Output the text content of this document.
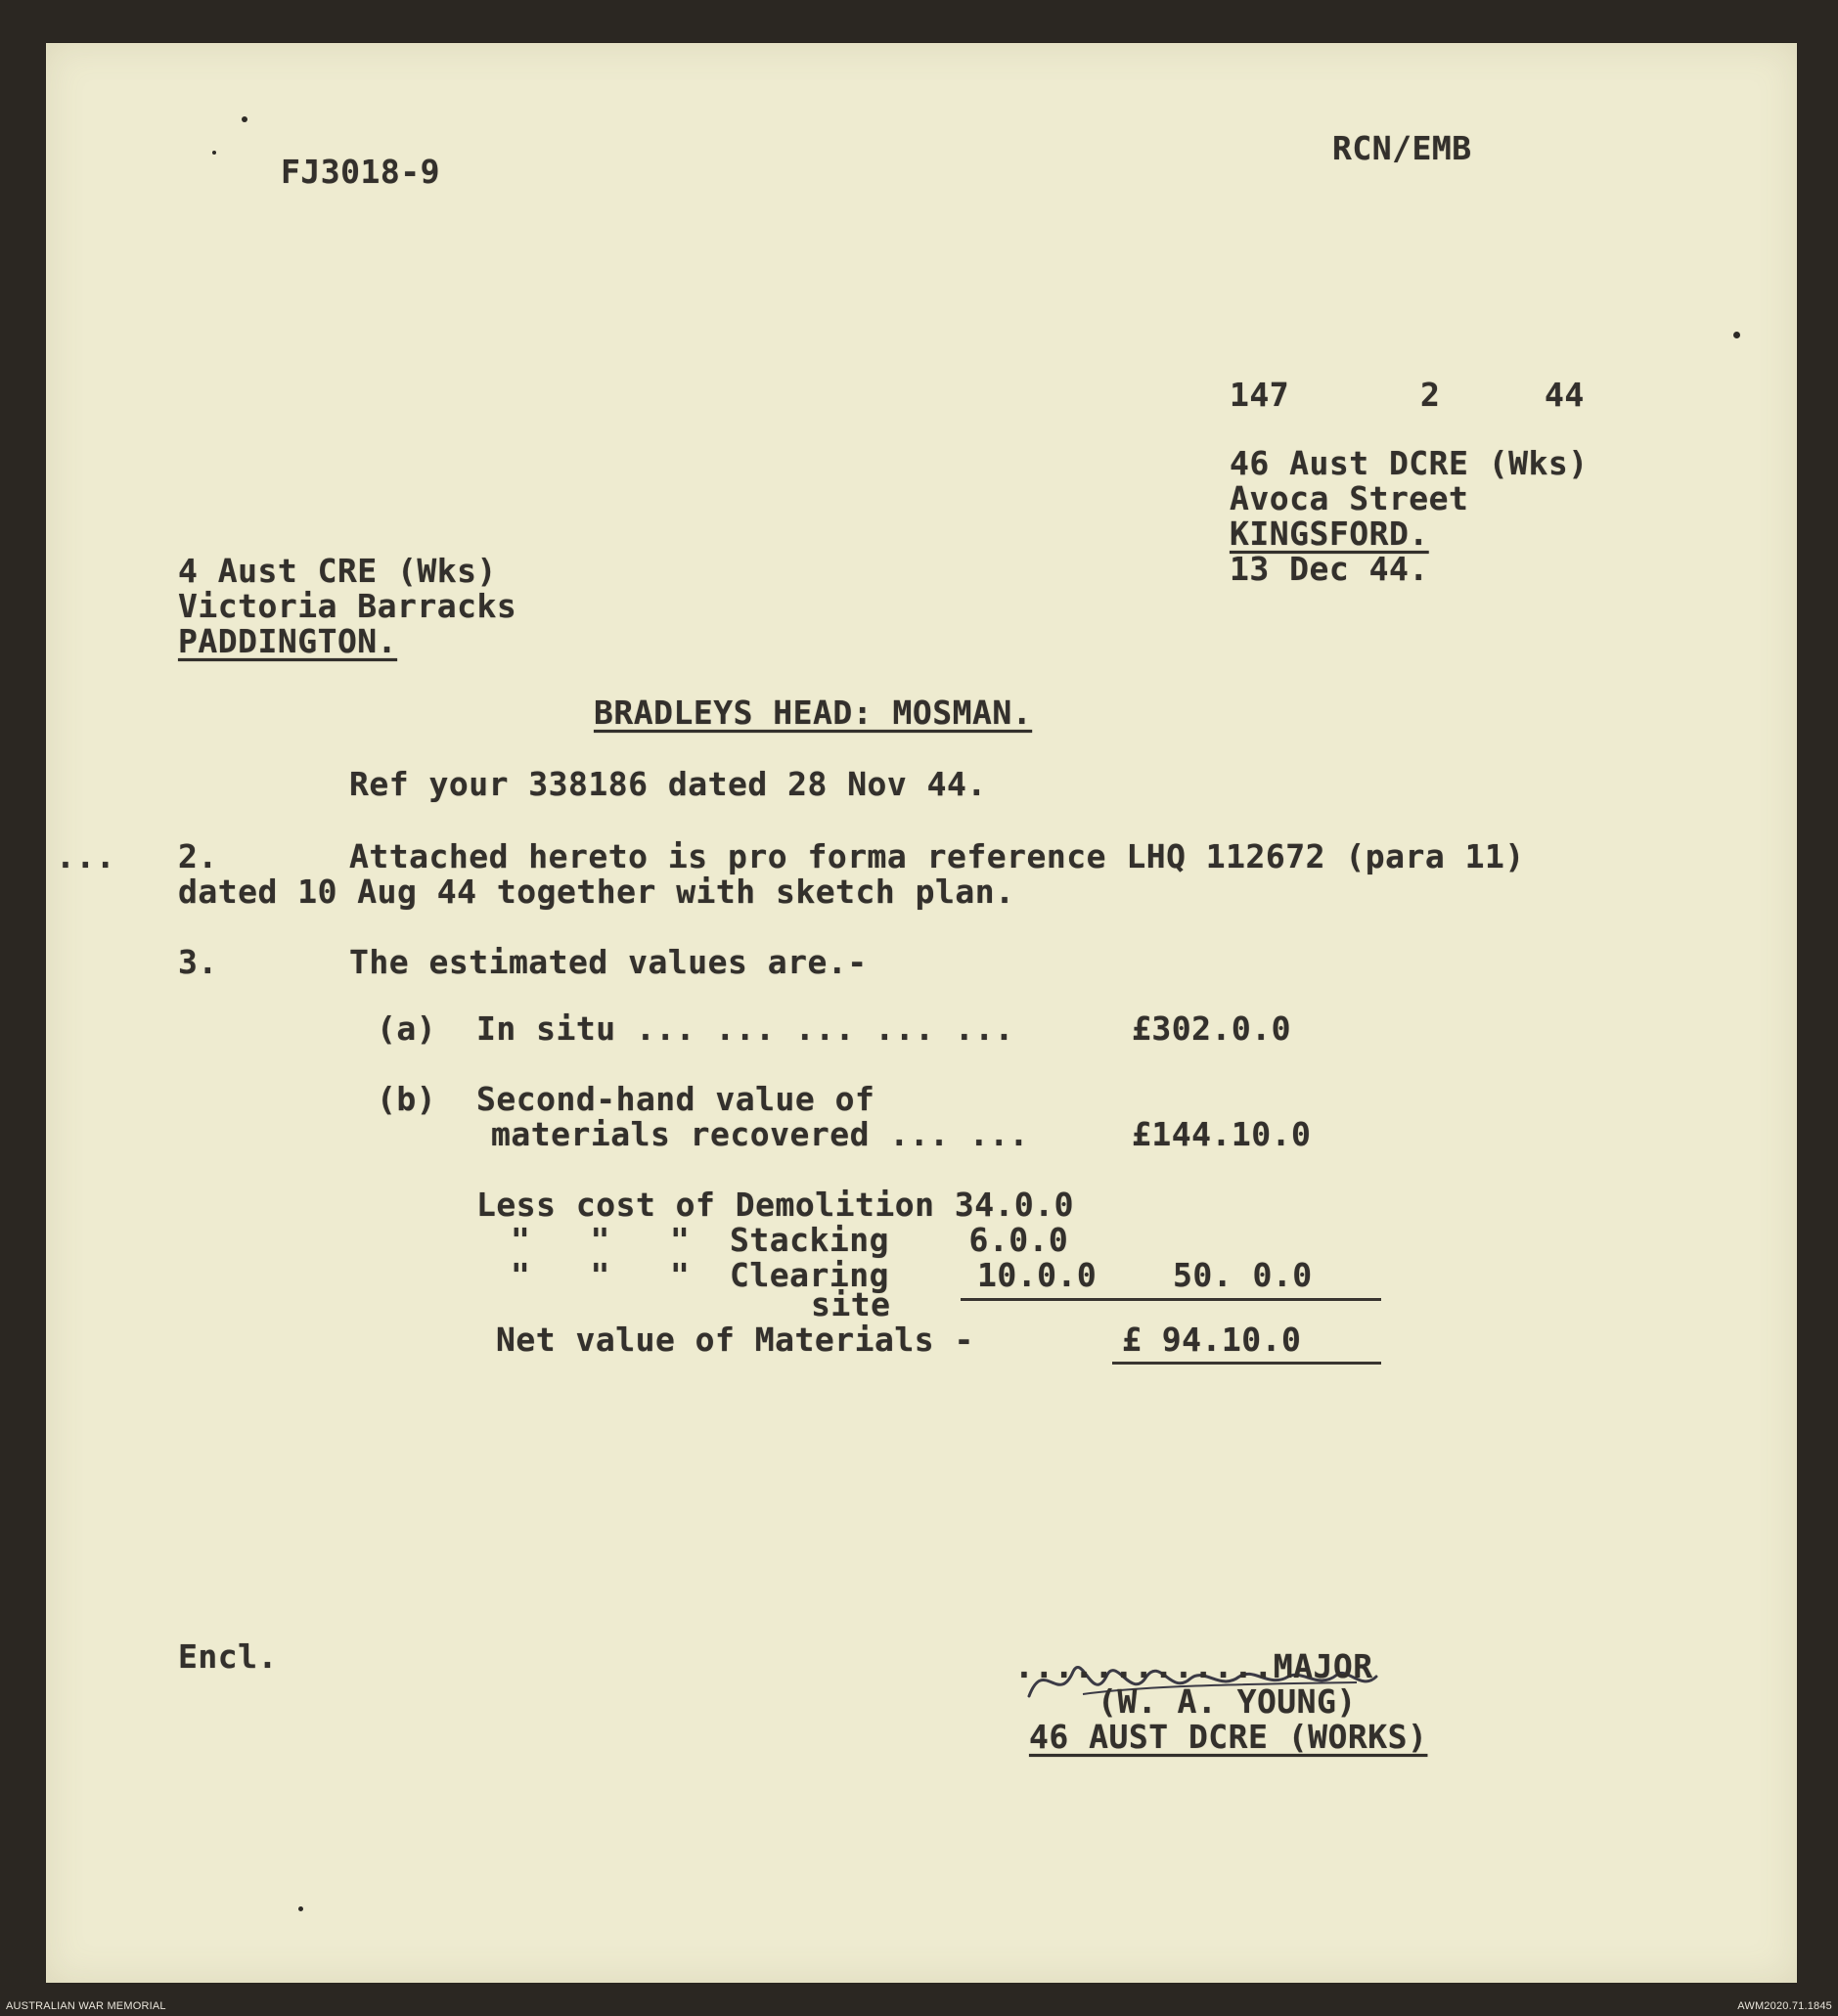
FJ3018-9
RCN/EMB
147	2	44
46 Aust DCRE (Wks)
Avoca Street
KINGSFORD.
13 Dec 44.
4 Aust CRE (Wks)
Victoria Barracks
PADDINGTON.
BRADLEYS HEAD: MOSMAN.
Ref your 338186 dated 28 Nov 44.
... 2.	Attached hereto is pro forma reference LHQ 112672 (para 11)
dated 10 Aug 44 together with sketch plan.
3.	The estimated values are.-
(a) In situ ... ... ... ... ...	£302.0.0
(b) Second-hand value of
materials recovered ... ...	£144.10.0
Less cost of Demolition 34.0.0
"   "   "  Stacking    6.0.0
"   "   "  Clearing	10.0.0 50. 0.0
site
Net value of Materials -	£ 94.10.0
Encl.	.............MAJOR
(W. A. YOUNG)
46 AUST DCRE (WORKS)
AUSTRALIAN WAR MEMORIAL	AWM2020.71.1845
